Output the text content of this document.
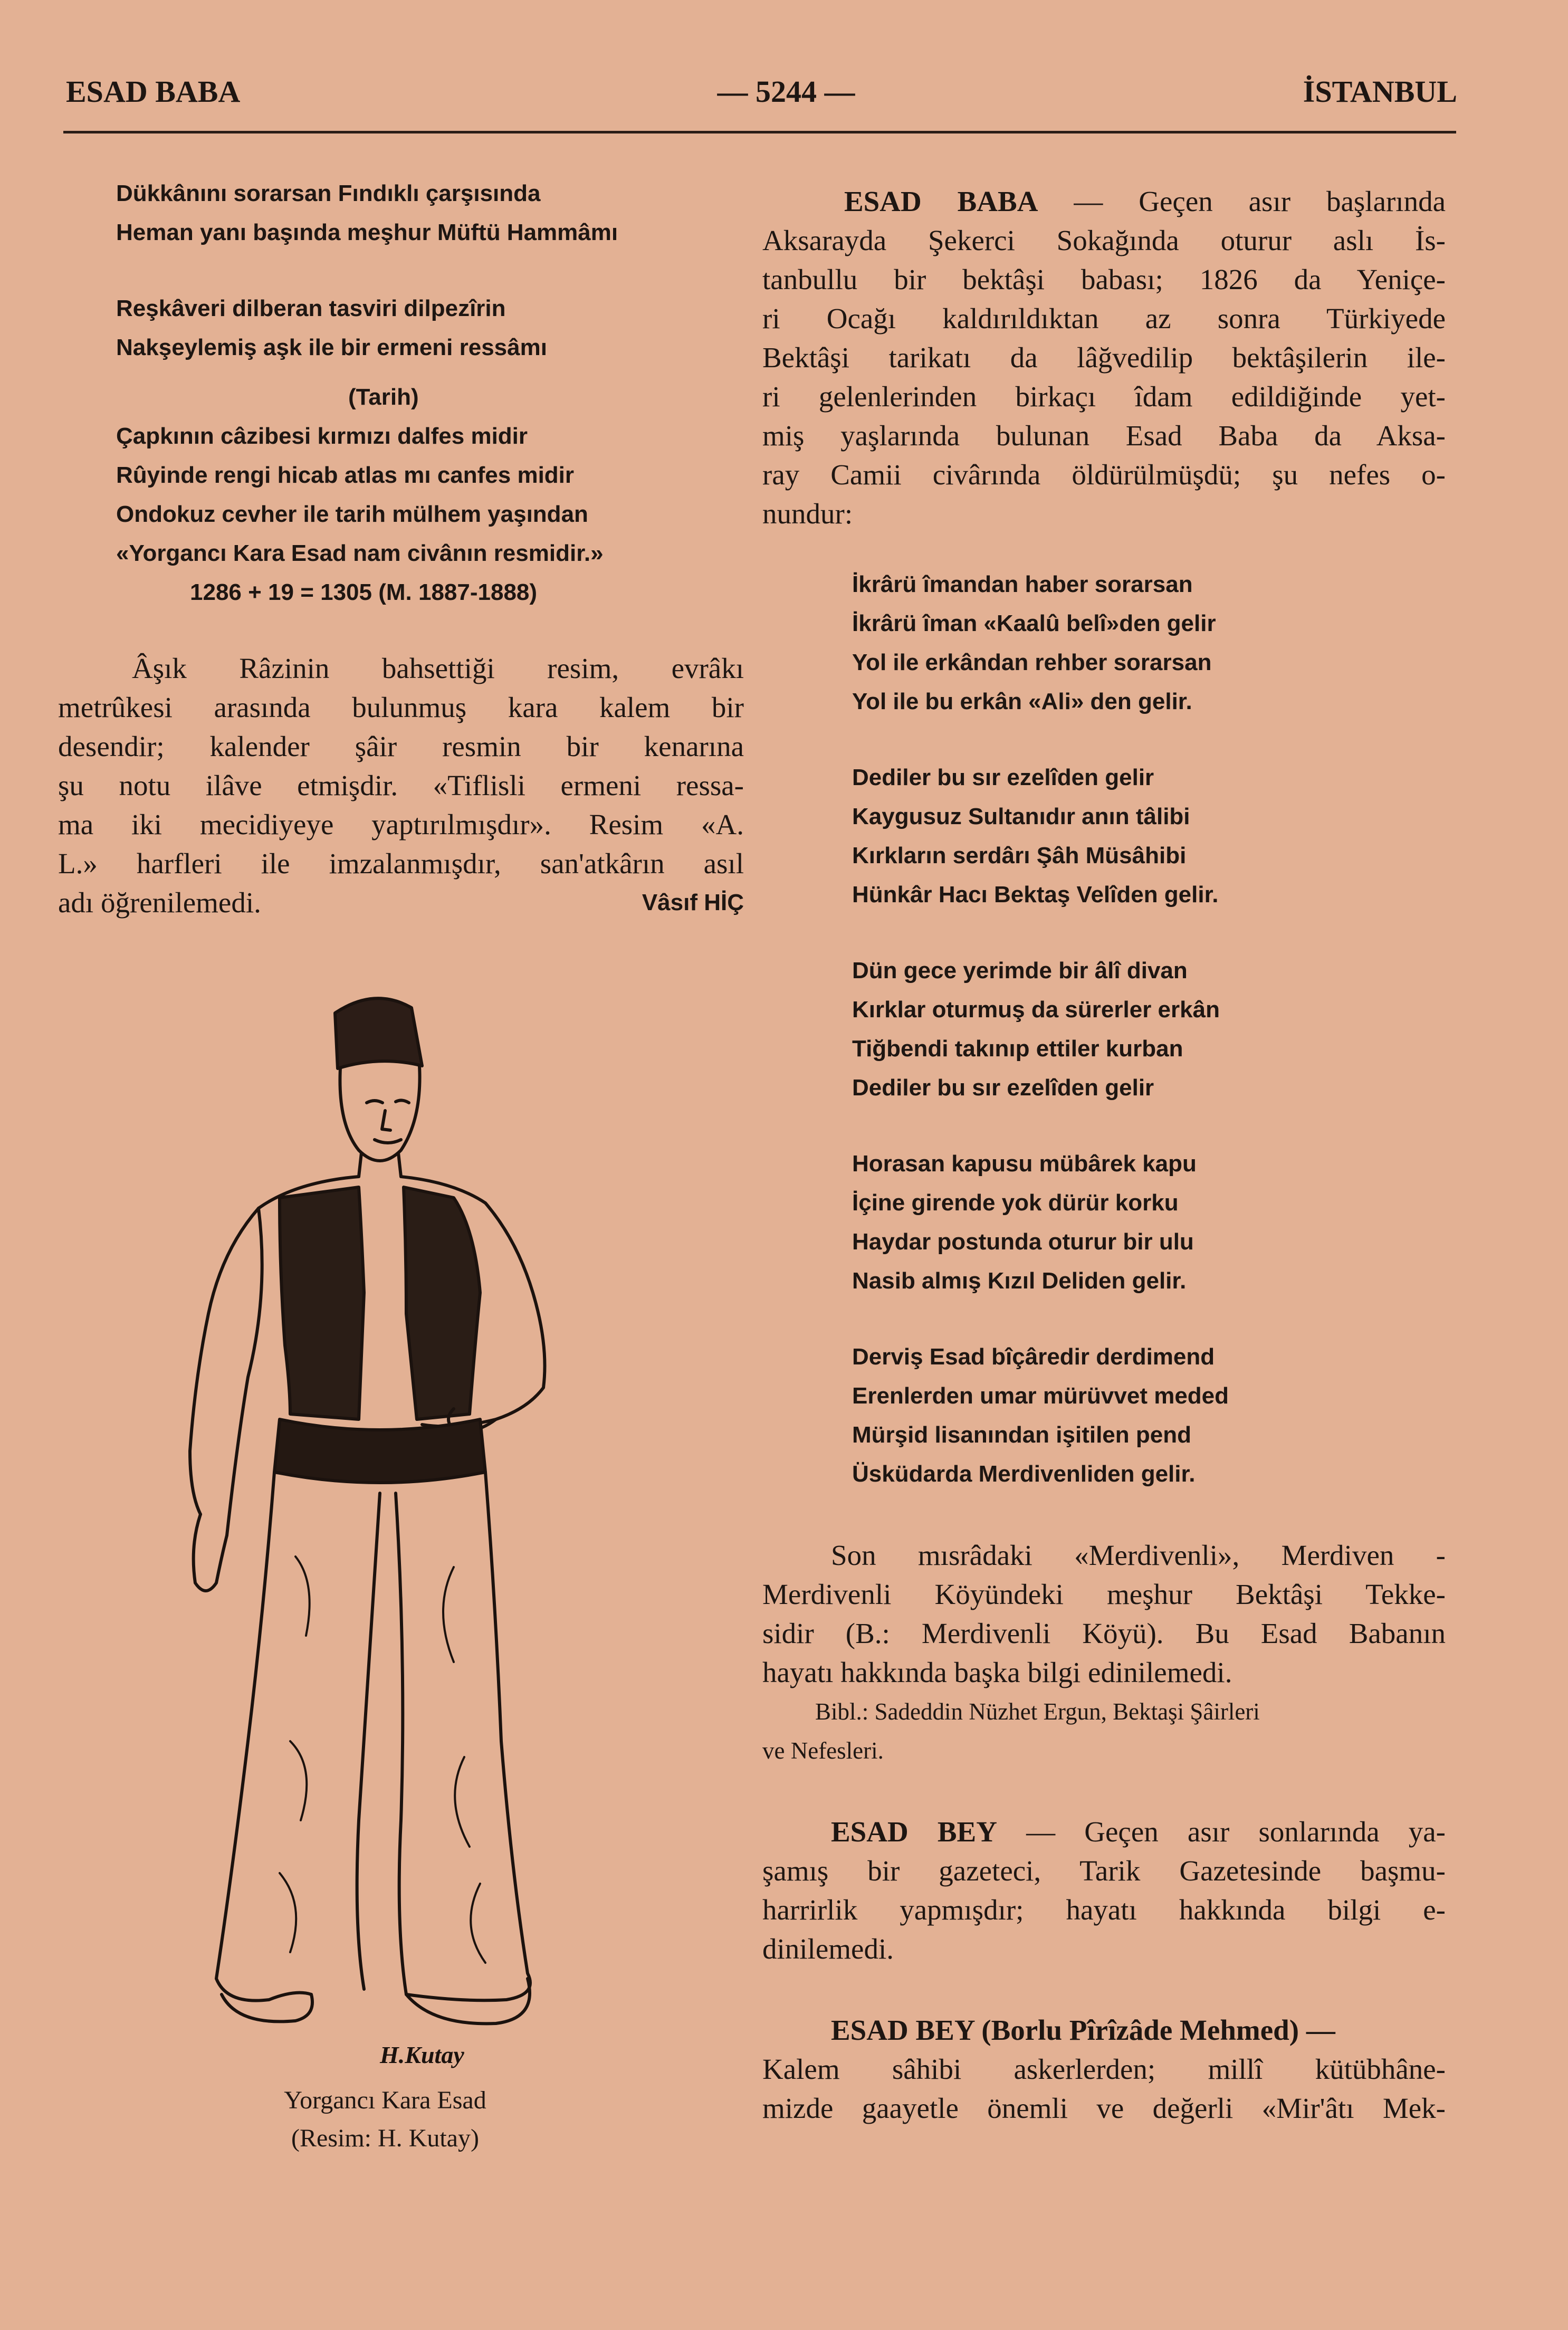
ESAD BABA	— 5244 —	İSTANBUL
Dükkânını sorarsan Fındıklı çarşısında
Heman yanı başında meşhur Müftü Hammâmı
Reşkâveri dilberan tasviri dilpezîrin
Nakşeylemiş aşk ile bir ermeni ressâmı
(Tarih)
Çapkının câzibesi kırmızı dalfes midir
Rûyinde rengi hicab atlas mı canfes midir
Ondokuz cevher ile tarih mülhem yaşından
«Yorgancı Kara Esad nam civânın resmidir.»
1286 + 19 = 1305 (M. 1887-1888)
Âşık Râzinin bahsettiği resim, evrâkı
metrûkesi arasında bulunmuş kara kalem bir
desendir; kalender şâir resmin bir kenarına
şu notu ilâve etmişdir. «Tiflisli ermeni ressa-
ma iki mecidiyeye yaptırılmışdır». Resim «A.
L.» harfleri ile imzalanmışdır, san'atkârın asıl
adı öğrenilemedi.	Vâsıf HİÇ
H.Kutay
Yorgancı Kara Esad
(Resim: H. Kutay)
ESAD BABA — Geçen asır başlarında
Aksarayda Şekerci Sokağında oturur aslı İs-
tanbullu bir bektâşi babası; 1826 da Yeniçe-
ri Ocağı kaldırıldıktan az sonra Türkiyede
Bektâşi tarikatı da lâğvedilip bektâşilerin ile-
ri gelenlerinden birkaçı îdam edildiğinde yet-
miş yaşlarında bulunan Esad Baba da Aksa-
ray Camii civârında öldürülmüşdü; şu nefes o-
nundur:
İkrârü îmandan haber sorarsan
İkrârü îman «Kaalû belî»den gelir
Yol ile erkândan rehber sorarsan
Yol ile bu erkân «Ali» den gelir.
Dediler bu sır ezelîden gelir
Kaygusuz Sultanıdır anın tâlibi
Kırkların serdârı Şâh Müsâhibi
Hünkâr Hacı Bektaş Velîden gelir.
Dün gece yerimde bir âlî divan
Kırklar oturmuş da sürerler erkân
Tiğbendi takınıp ettiler kurban
Dediler bu sır ezelîden gelir
Horasan kapusu mübârek kapu
İçine girende yok dürür korku
Haydar postunda oturur bir ulu
Nasib almış Kızıl Deliden gelir.
Derviş Esad bîçâredir derdimend
Erenlerden umar mürüvvet meded
Mürşid lisanından işitilen pend
Üsküdarda Merdivenliden gelir.
Son mısrâdaki «Merdivenli», Merdiven -
Merdivenli Köyündeki meşhur Bektâşi Tekke-
sidir (B.: Merdivenli Köyü). Bu Esad Babanın
hayatı hakkında başka bilgi edinilemedi.
Bibl.: Sadeddin Nüzhet Ergun, Bektaşi Şâirleri
ve Nefesleri.
ESAD BEY — Geçen asır sonlarında ya-
şamış bir gazeteci, Tarik Gazetesinde başmu-
harrirlik yapmışdır; hayatı hakkında bilgi e-
dinilemedi.
ESAD BEY (Borlu Pîrîzâde Mehmed) —
Kalem sâhibi askerlerden; millî kütübhâne-
mizde gaayetle önemli ve değerli «Mir'âtı Mek-
